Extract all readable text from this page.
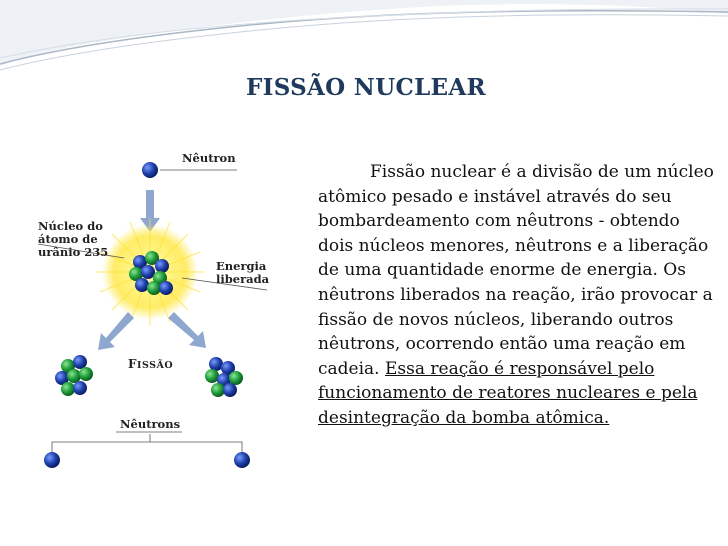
FISSÃO NUCLEAR
Nêutron
Núcleo do
átomo de
urânio 235
Energia
liberada
FISSÃO
Nêutrons

Fissão nuclear é a divisão de um núcleo atômico pesado e instável através do seu bombardeamento com nêutrons - obtendo dois núcleos menores, nêutrons e a liberação de uma quantidade enorme de energia. Os nêutrons liberados na reação, irão provocar a fissão de novos núcleos, liberando outros nêutrons, ocorrendo então uma reação em cadeia. Essa reação é responsável pelo funcionamento de reatores nucleares e pela desintegração da bomba atômica.
